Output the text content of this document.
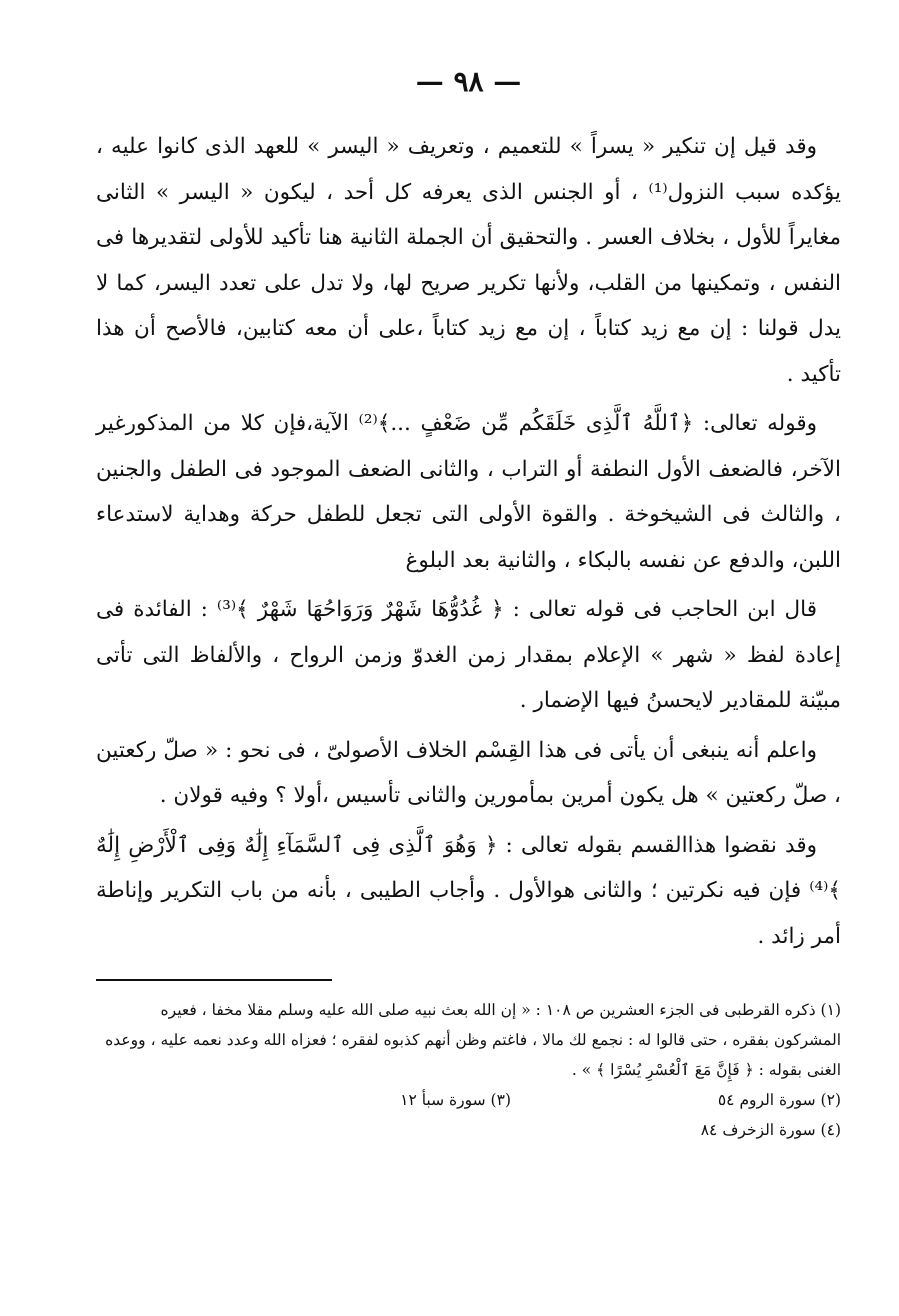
— ٩٨ —

وقد قيل إن تنكير « يسراً » للتعميم ، وتعريف « اليسر » للعهد الذى كانوا عليه ، يؤكده سبب النزول⁽¹⁾ ، أو الجنس الذى يعرفه كل أحد ، ليكون « اليسر » الثانى مغايراً للأول ، بخلاف العسر . والتحقيق أن الجملة الثانية هنا تأكيد للأولى لتقديرها فى النفس ، وتمكينها من القلب، ولأنها تكرير صريح لها، ولا تدل على تعدد اليسر، كما لا يدل قولنا : إن مع زيد كتاباً ، إن مع زيد كتاباً ،على أن معه كتابين، فالأصح أن هذا تأكيد .

وقوله تعالى: ﴿ٱللَّهُ ٱلَّذِى خَلَقَكُم مِّن ضَعْفٍ ...﴾⁽²⁾ الآية،فإن كلا من المذكورغير الآخر، فالضعف الأول النطفة أو التراب ، والثانى الضعف الموجود فى الطفل والجنين ، والثالث فى الشيخوخة . والقوة الأولى التى تجعل للطفل حركة وهداية لاستدعاء اللبن، والدفع عن نفسه بالبكاء ، والثانية بعد البلوغ

قال ابن الحاجب فى قوله تعالى : ﴿ غُدُوُّهَا شَهْرٌ وَرَوَاحُهَا شَهْرٌ ﴾⁽³⁾ : الفائدة فى إعادة لفظ « شهر » الإعلام بمقدار زمن الغدوّ وزمن الرواح ، والألفاظ التى تأتى مبيّنة للمقادير لايحسنُ فيها الإضمار .

واعلم أنه ينبغى أن يأتى فى هذا القِسْم الخلاف الأصولىّ ، فى نحو : « صلّ ركعتين ، صلّ ركعتين » هل يكون أمرين بمأمورين والثانى تأسيس ،أولا ؟ وفيه قولان .

وقد نقضوا هذاالقسم بقوله تعالى : ﴿ وَهُوَ ٱلَّذِى فِى ٱلسَّمَآءِ إِلَٰهٌ وَفِى ٱلْأَرْضِ إِلَٰهٌ ﴾⁽⁴⁾ فإن فيه نكرتين ؛ والثانى هوالأول . وأجاب الطيبى ، بأنه من باب التكرير وإناطة أمر زائد .

(١) ذكره القرطبى فى الجزء العشرين ص ١٠٨ : « إن الله بعث نبيه صلى الله عليه وسلم مقلا مخفا ، فعيره المشركون بفقره ، حتى قالوا له : نجمع لك مالا ، فاغتم وظن أنهم كذبوه لفقره ؛ فعزاه الله وعدد نعمه عليه ، ووعده الغنى بقوله : ﴿ فَإِنَّ مَعَ ٱلْعُسْرِ يُسْرًا ﴾ » .

(٢) سورة الروم ٥٤
(٣) سورة سبأ ١٢

(٤) سورة الزخرف ٨٤
